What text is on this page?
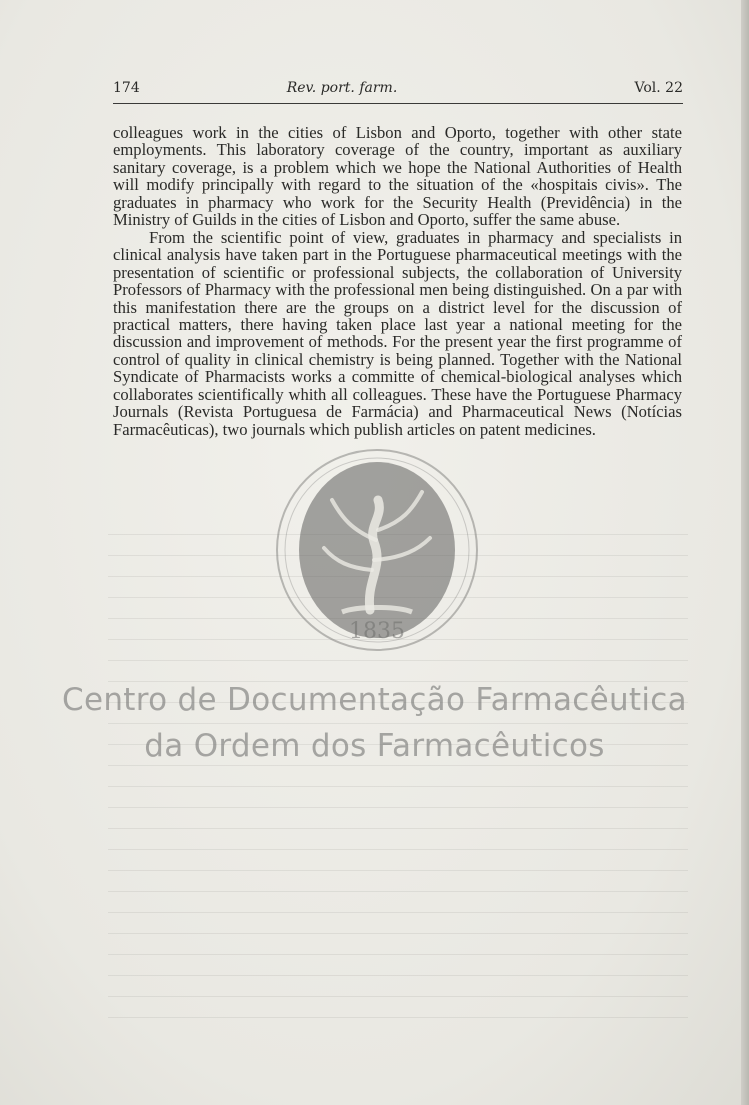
174	Rev. port. farm.	Vol. 22

colleagues work in the cities of Lisbon and Oporto, together with other state employments. This laboratory coverage of the country, important as auxiliary sanitary coverage, is a problem which we hope the National Authorities of Health will modify principally with regard to the situation of the «hospitais civis». The graduates in pharmacy who work for the Security Health (Previdência) in the Ministry of Guilds in the cities of Lisbon and Oporto, suffer the same abuse.

From the scientific point of view, graduates in pharmacy and specialists in clinical analysis have taken part in the Portuguese pharmaceutical meetings with the presentation of scientific or professional subjects, the collaboration of University Professors of Pharmacy with the professional men being distinguished. On a par with this manifestation there are the groups on a district level for the discussion of practical matters, there having taken place last year a national meeting for the discussion and improvement of methods. For the present year the first programme of control of quality in clinical chemistry is being planned. Together with the National Syndicate of Pharmacists works a committe of chemical-biological analyses which collaborates scientifically whith all colleagues. These have the Portuguese Pharmacy Journals (Revista Portuguesa de Farmácia) and Pharmaceutical News (Notícias Farmacêuticas), two journals which publish articles on patent medicines.

1835
Centro de Documentação Farmacêutica
da Ordem dos Farmacêuticos
